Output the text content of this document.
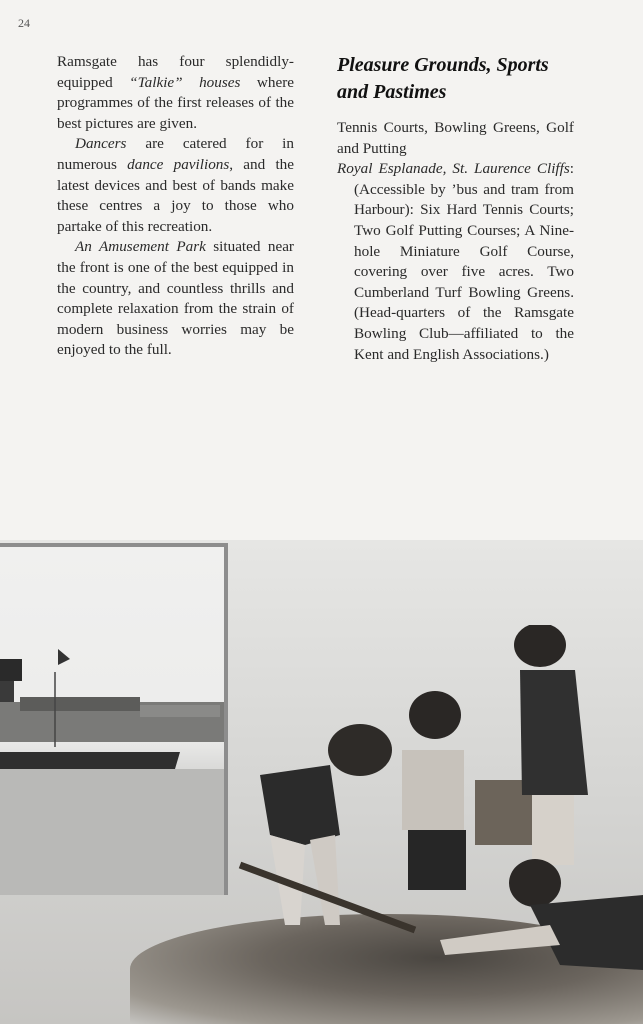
24

Ramsgate has four splendidly-equipped “Talkie” houses where programmes of the first releases of the best pictures are given.

Dancers are catered for in numerous dance pavilions, and the latest devices and best of bands make these centres a joy to those who partake of this recreation.

An Amusement Park situated near the front is one of the best equipped in the country, and countless thrills and complete relaxation from the strain of modern business worries may be enjoyed to the full.

Pleasure Grounds, Sports and Pastimes

Tennis Courts, Bowling Greens, Golf and Putting

Royal Esplanade, St. Laurence Cliffs: (Accessible by ’bus and tram from Harbour): Six Hard Tennis Courts; Two Golf Putting Courses; A Nine-hole Miniature Golf Course, covering over five acres. Two Cumberland Turf Bowling Greens. (Head-quarters of the Ramsgate Bowling Club—affiliated to the Kent and English Associations.)
